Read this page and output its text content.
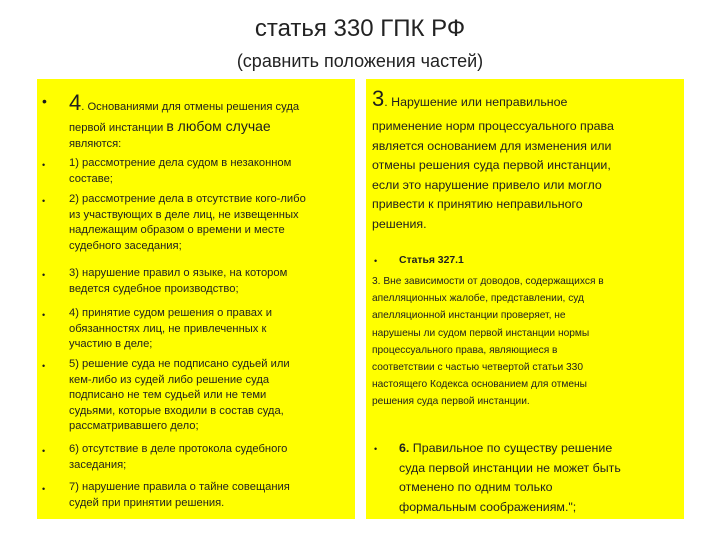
статья 330 ГПК РФ
(сравнить положения частей)
• 4. Основаниями для отмены решения суда
первой инстанции в любом случае
являются:
• 1) рассмотрение дела судом в незаконном
составе;
• 2) рассмотрение дела в отсутствие кого-либо
из участвующих в деле лиц, не извещенных
надлежащим образом о времени и месте
судебного заседания;
• 3) нарушение правил о языке, на котором
ведется судебное производство;
• 4) принятие судом решения о правах и
обязанностях лиц, не привлеченных к
участию в деле;
• 5) решение суда не подписано судьей или
кем-либо из судей либо решение суда
подписано не тем судьей или не теми
судьями, которые входили в состав суда,
рассматривавшего дело;
• 6) отсутствие в деле протокола судебного
заседания;
• 7) нарушение правила о тайне совещания
судей при принятии решения.
3. Нарушение или неправильное
применение норм процессуального права
является основанием для изменения или
отмены решения суда первой инстанции,
если это нарушение привело или могло
привести к принятию неправильного
решения.
• Статья 327.1
3. Вне зависимости от доводов, содержащихся в
апелляционных жалобе, представлении, суд
апелляционной инстанции проверяет, не
нарушены ли судом первой инстанции нормы
процессуального права, являющиеся в
соответствии с частью четвертой статьи 330
настоящего Кодекса основанием для отмены
решения суда первой инстанции.
• 6. Правильное по существу решение
суда первой инстанции не может быть
отменено по одним только
формальным соображениям.";
